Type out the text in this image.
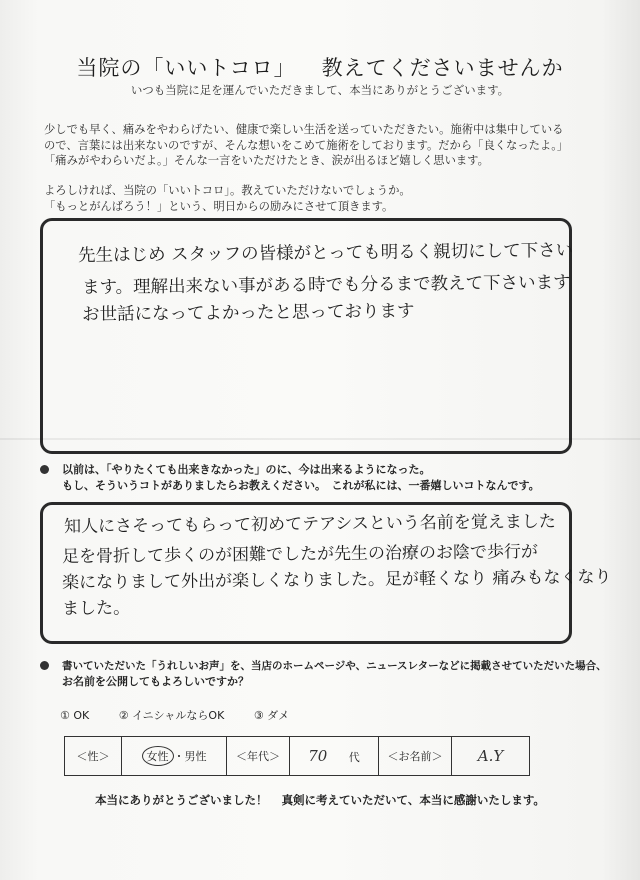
当院の「いいトコロ」 教えてくださいませんか
いつも当院に足を運んでいただきまして、本当にありがとうございます。
少しでも早く、痛みをやわらげたい、健康で楽しい生活を送っていただきたい。施術中は集中している
ので、言葉には出来ないのですが、そんな想いをこめて施術をしております。だから「良くなったよ。」
「痛みがやわらいだよ。」そんな一言をいただけたとき、涙が出るほど嬉しく思います。
よろしければ、当院の「いいトコロ」。教えていただけないでしょうか。
「もっとがんばろう！」という、明日からの励みにさせて頂きます。
先生はじめ スタッフの皆様がとっても明るく親切にして下さい
ます。理解出来ない事がある時でも分るまで教えて下さいます
お世話になってよかったと思っております
以前は、「やりたくても出来きなかった」のに、今は出来るようになった。
もし、そういうコトがありましたらお教えください。　これが私には、一番嬉しいコトなんです。
知人にさそってもらって初めてテアシスという名前を覚えました
足を骨折して歩くのが困難でしたが先生の治療のお陰で歩行が
楽になりまして外出が楽しくなりました。足が軽くなり 痛みもなくなり
ました。
書いていただいた「うれしいお声」を、当店のホームページや、ニュースレターなどに掲載させていただいた場合、
お名前を公開してもよろしいですか？
① OK	② イニシャルならOK	③ ダメ
＜性＞	女性 ・男性	＜年代＞	70 代	＜お名前＞	A.Y
本当にありがとうございました！ 真剣に考えていただいて、本当に感謝いたします。
